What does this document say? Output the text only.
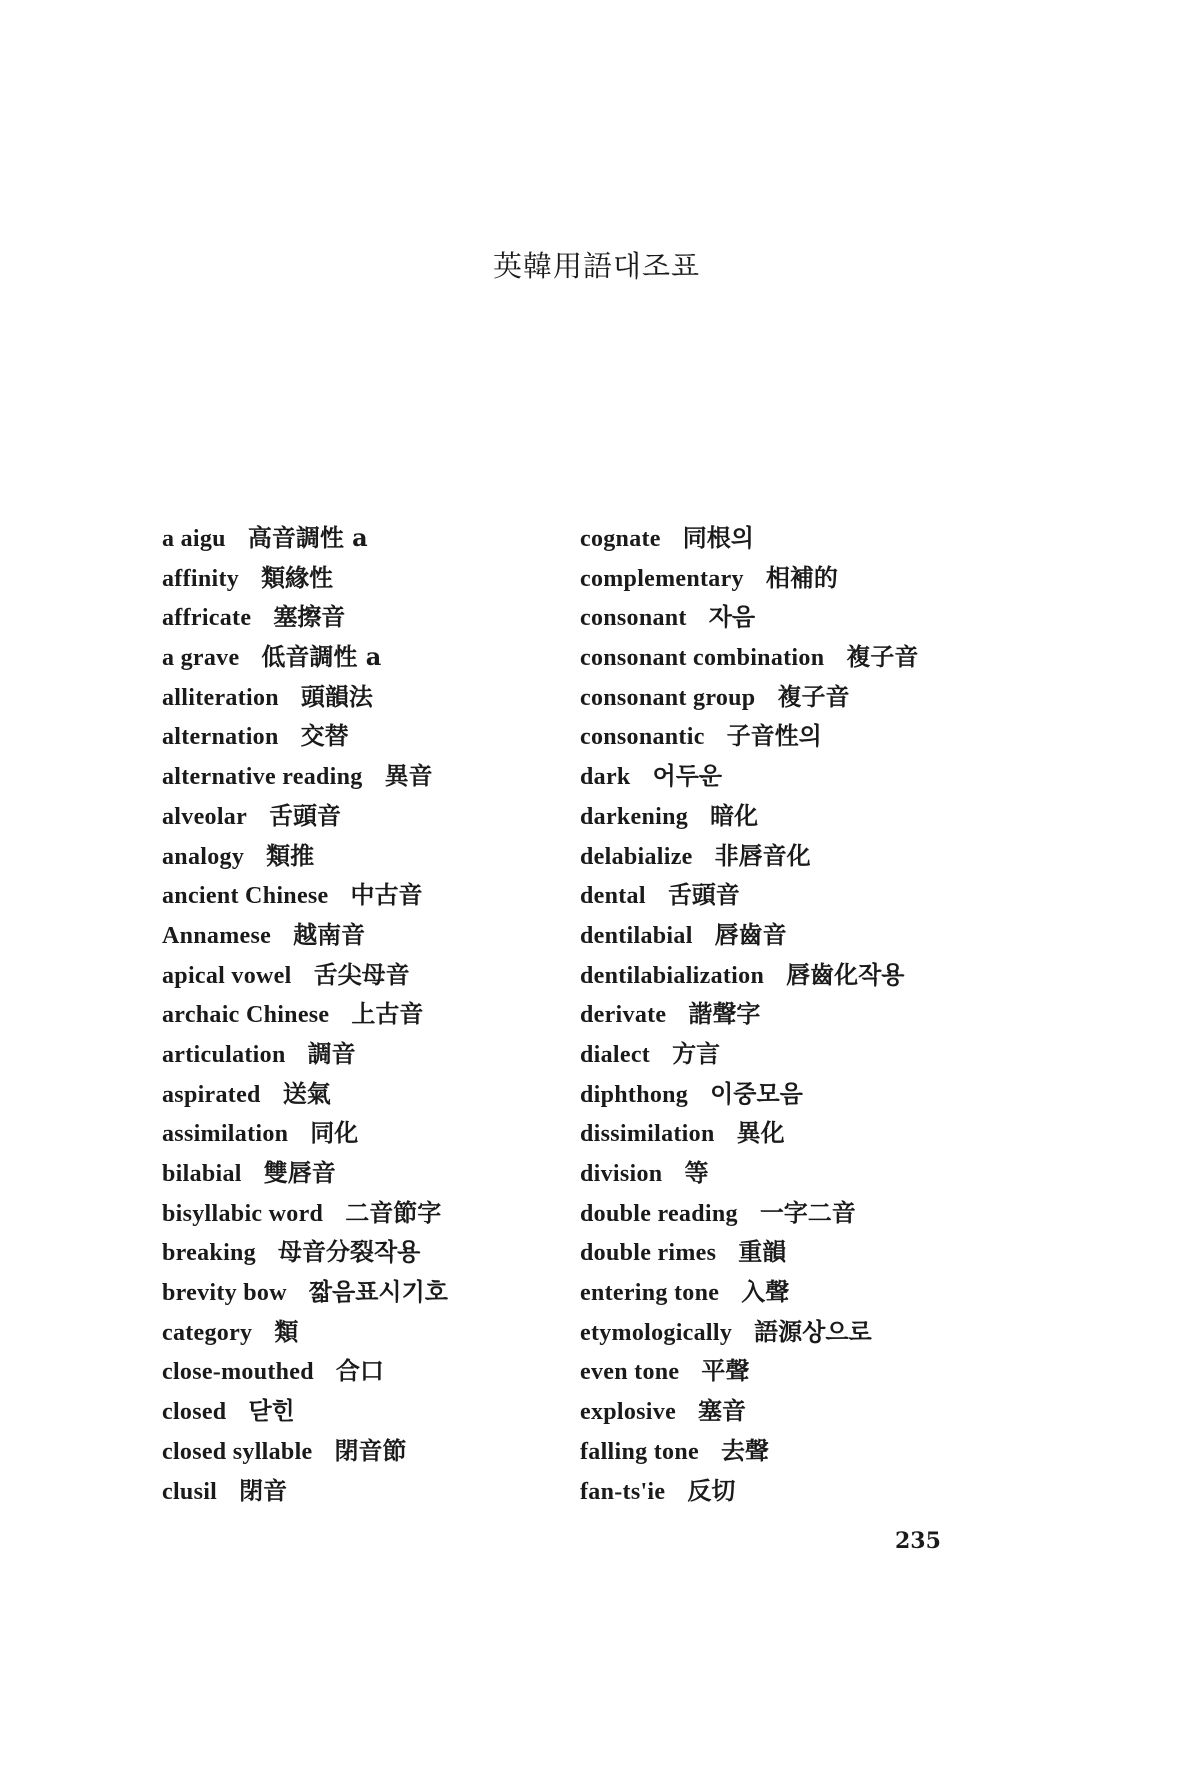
英韓用語대조표
a aigu 高音調性 a
affinity 類緣性
affricate 塞擦音
a grave 低音調性 a
alliteration 頭韻法
alternation 交替
alternative reading 異音
alveolar 舌頭音
analogy 類推
ancient Chinese 中古音
Annamese 越南音
apical vowel 舌尖母音
archaic Chinese 上古音
articulation 調音
aspirated 送氣
assimilation 同化
bilabial 雙唇音
bisyllabic word 二音節字
breaking 母音分裂작용
brevity bow 짧음표시기호
category 類
close-mouthed 合口
closed 닫힌
closed syllable 閉音節
clusil 閉音
cognate 同根의
complementary 相補的
consonant 자음
consonant combination 複子音
consonant group 複子音
consonantic 子音性의
dark 어두운
darkening 暗化
delabialize 非唇音化
dental 舌頭音
dentilabial 唇齒音
dentilabialization 唇齒化작용
derivate 諧聲字
dialect 方言
diphthong 이중모음
dissimilation 異化
division 等
double reading 一字二音
double rimes 重韻
entering tone 入聲
etymologically 語源상으로
even tone 平聲
explosive 塞音
falling tone 去聲
fan-ts'ie 反切
235
